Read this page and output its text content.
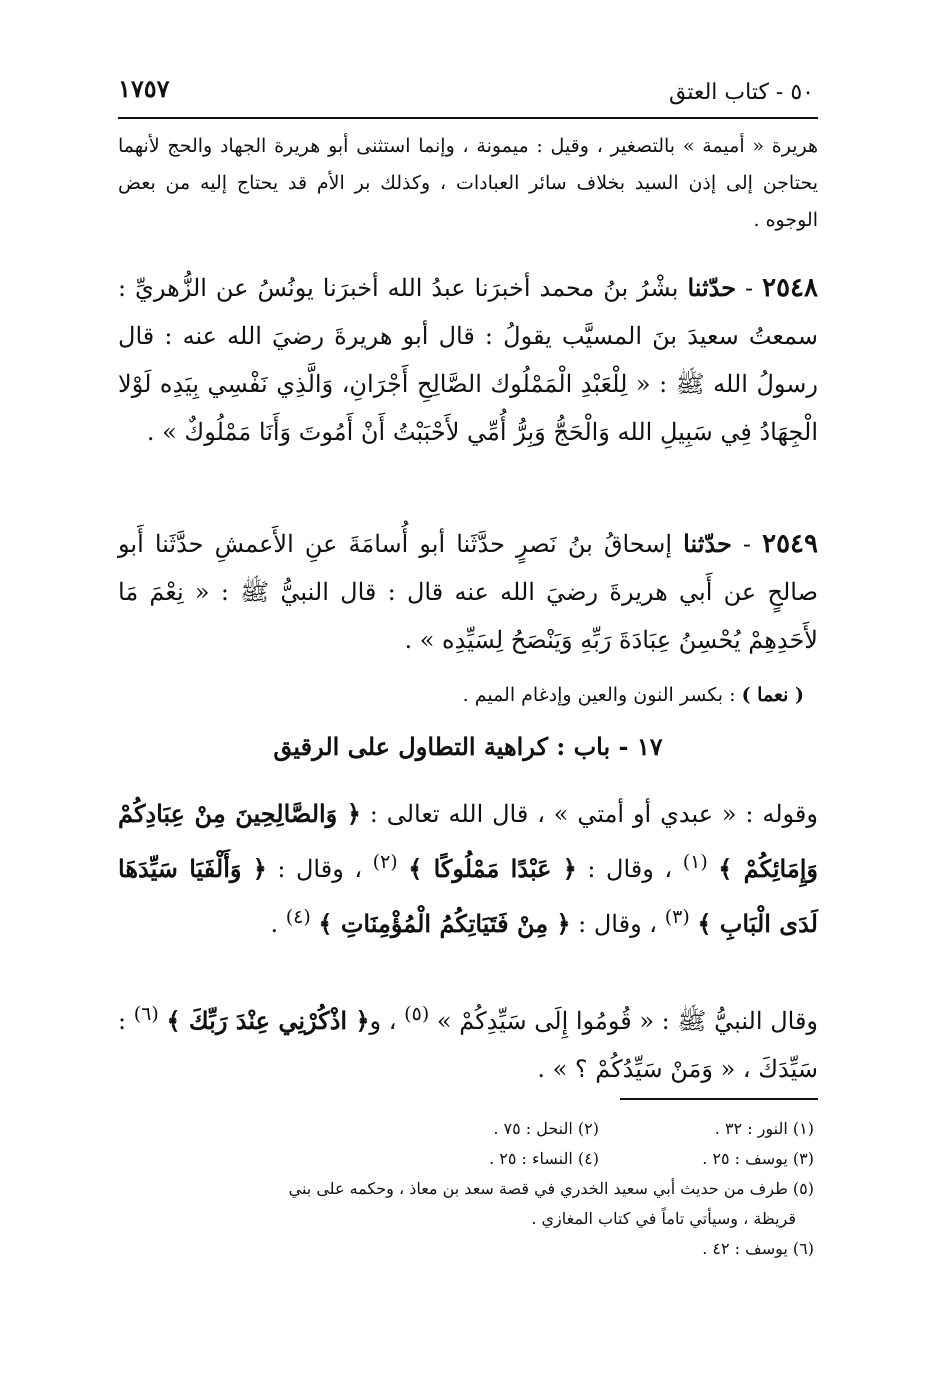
٥٠ - كتاب العتق
١٧٥٧

هريرة « أميمة » بالتصغير ، وقيل : ميمونة ، وإنما استثنى أبو هريرة الجهاد والحج لأنهما يحتاجن إلى إذن السيد بخلاف سائر العبادات ، وكذلك بر الأم قد يحتاج إليه من بعض الوجوه .

٢٥٤٨ - حدّثنا بشْرُ بنُ محمد أخبرَنا عبدُ الله أخبرَنا يونُسُ عن الزُّهريِّ : سمعتُ سعيدَ بنَ المسيَّب يقولُ : قال أبو هريرةَ رضيَ الله عنه : قال رسولُ الله ﷺ : « لِلْعَبْدِ الْمَمْلُوك الصَّالِحِ أَجْرَانِ، وَالَّذِي نَفْسِي بِيَدِه لَوْلا الْجِهَادُ فِي سَبِيلِ الله وَالْحَجُّ وَبِرُّ أُمِّي لأَحْبَبْتُ أَنْ أَمُوتَ وَأَنَا مَمْلُوكٌ » .

٢٥٤٩ - حدّثنا إسحاقُ بنُ نَصرٍ حدَّثَنا أبو أُسامَةَ عنِ الأَعمشِ حدَّثَنا أَبو صالحٍ عن أَبي هريرةَ رضيَ الله عنه قال : قال النبيُّ ﷺ : « نِعْمَ مَا لأَحَدِهِمْ يُحْسِنُ عِبَادَةَ رَبِّهِ وَيَنْصَحُ لِسَيِّدِه » .

( نعما ) : بكسر النون والعين وإدغام الميم .

١٧ - باب : كراهية التطاول على الرقيق

وقوله : « عبدي أو أمتي » ، قال الله تعالى : ﴿ وَالصَّالِحِينَ مِنْ عِبَادِكُمْ وَإِمَائِكُمْ ﴾ $^{(١)}$ ، وقال : ﴿ عَبْدًا مَمْلُوكًا ﴾ $^{(٢)}$ ، وقال : ﴿ وَأَلْفَيَا سَيِّدَهَا لَدَى الْبَابِ ﴾ $^{(٣)}$ ، وقال : ﴿ مِنْ فَتَيَاتِكُمُ الْمُؤْمِنَاتِ ﴾ $^{(٤)}$ .

وقال النبيُّ ﷺ : « قُومُوا إِلَى سَيِّدِكُمْ » $^{(٥)}$ ، و﴿ اذْكُرْنِي عِنْدَ رَبِّكَ ﴾ $^{(٦)}$ : سَيِّدَكَ ، « وَمَنْ سَيِّدُكُمْ ؟ » .

(١) النور : ٣٢ .
(٢) النحل : ٧٥ .
(٣) يوسف : ٢٥ .
(٤) النساء : ٢٥ .
(٥) طرف من حديث أبي سعيد الخدري في قصة سعد بن معاذ ، وحكمه على بني
قريظة ، وسيأتي تاماً في كتاب المغازي .
(٦) يوسف : ٤٢ .
